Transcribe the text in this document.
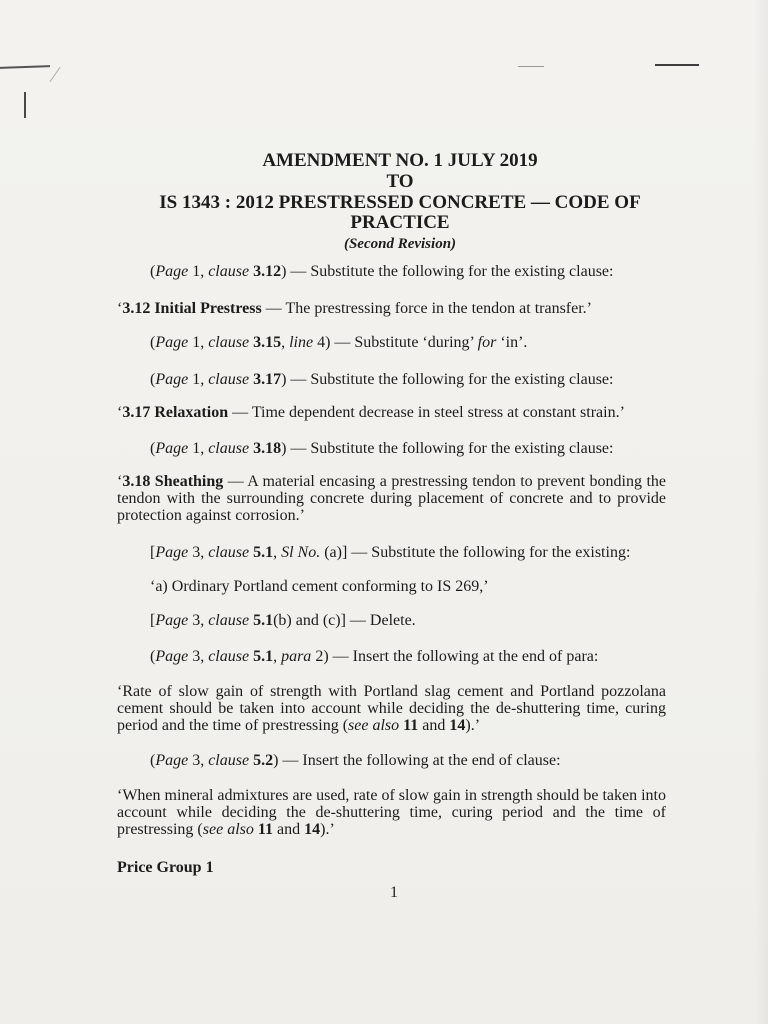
AMENDMENT NO. 1 JULY 2019
TO
IS 1343 : 2012 PRESTRESSED CONCRETE — CODE OF
PRACTICE
(Second Revision)

(Page 1, clause 3.12) — Substitute the following for the existing clause:

‘3.12 Initial Prestress — The prestressing force in the tendon at transfer.’

(Page 1, clause 3.15, line 4) — Substitute ‘during’ for ‘in’.

(Page 1, clause 3.17) — Substitute the following for the existing clause:

‘3.17 Relaxation — Time dependent decrease in steel stress at constant strain.’

(Page 1, clause 3.18) — Substitute the following for the existing clause:

‘3.18 Sheathing — A material encasing a prestressing tendon to prevent bonding the tendon with the surrounding concrete during placement of concrete and to provide protection against corrosion.’

[Page 3, clause 5.1, Sl No. (a)] — Substitute the following for the existing:

‘a) Ordinary Portland cement conforming to IS 269,’

[Page 3, clause 5.1(b) and (c)] — Delete.

(Page 3, clause 5.1, para 2) — Insert the following at the end of para:

‘Rate of slow gain of strength with Portland slag cement and Portland pozzolana cement should be taken into account while deciding the de-shuttering time, curing period and the time of prestressing (see also 11 and 14).’

(Page 3, clause 5.2) — Insert the following at the end of clause:

‘When mineral admixtures are used, rate of slow gain in strength should be taken into account while deciding the de-shuttering time, curing period and the time of prestressing (see also 11 and 14).’

Price Group 1

1
